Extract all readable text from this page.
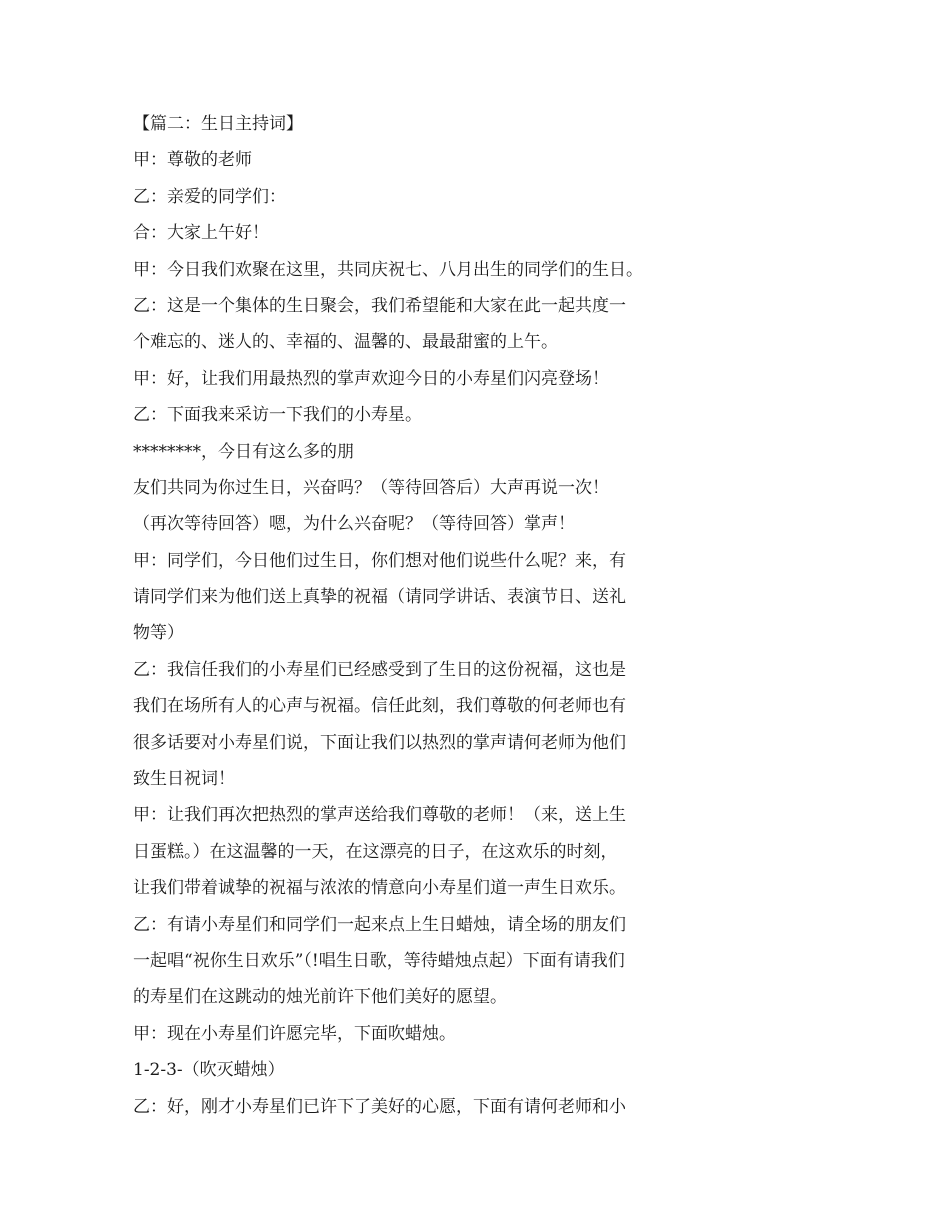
【篇二：生日主持词】

甲：尊敬的老师

乙：亲爱的同学们：

合：大家上午好！

甲：今日我们欢聚在这里，共同庆祝七、八月出生的同学们的生日。

乙：这是一个集体的生日聚会，我们希望能和大家在此一起共度一

个难忘的、迷人的、幸福的、温馨的、最最甜蜜的上午。

甲：好，让我们用最热烈的掌声欢迎今日的小寿星们闪亮登场！

乙：下面我来采访一下我们的小寿星。

********，今日有这么多的朋

友们共同为你过生日，兴奋吗？（等待回答后）大声再说一次！

（再次等待回答）嗯，为什么兴奋呢？（等待回答）掌声！

甲：同学们，今日他们过生日，你们想对他们说些什么呢？来，有

请同学们来为他们送上真挚的祝福（请同学讲话、表演节日、送礼

物等）

乙：我信任我们的小寿星们已经感受到了生日的这份祝福，这也是

我们在场所有人的心声与祝福。信任此刻，我们尊敬的何老师也有

很多话要对小寿星们说，下面让我们以热烈的掌声请何老师为他们

致生日祝词！

甲：让我们再次把热烈的掌声送给我们尊敬的老师！（来，送上生

日蛋糕。）在这温馨的一天，在这漂亮的日子，在这欢乐的时刻，

让我们带着诚挚的祝福与浓浓的情意向小寿星们道一声生日欢乐。

乙：有请小寿星们和同学们一起来点上生日蜡烛，请全场的朋友们

一起唱“祝你生日欢乐”（!唱生日歌，等待蜡烛点起）下面有请我们

的寿星们在这跳动的烛光前许下他们美好的愿望。

甲：现在小寿星们许愿完毕，下面吹蜡烛。

1-2-3-（吹灭蜡烛）

乙：好，刚才小寿星们已许下了美好的心愿，下面有请何老师和小
